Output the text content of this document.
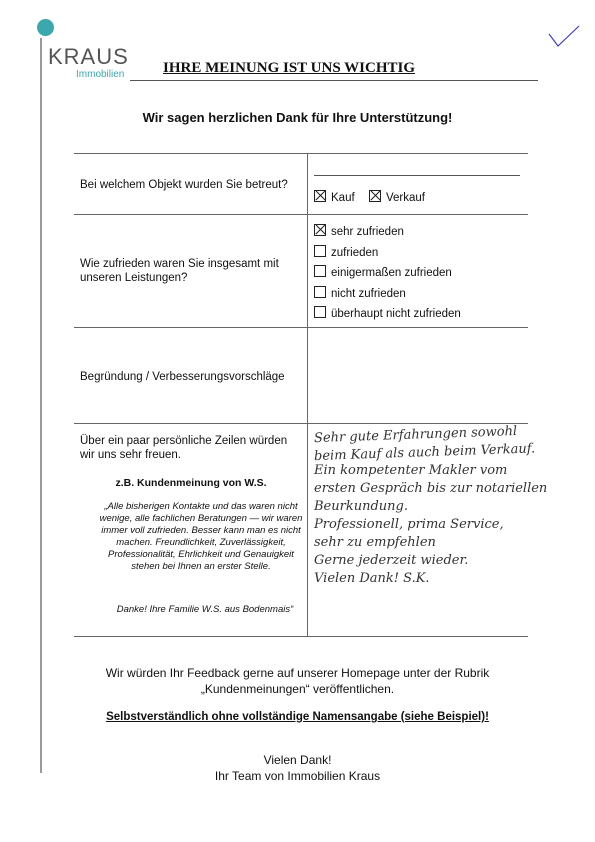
KRAUS
Immobilien	IHRE MEINUNG IST UNS WICHTIG
Wir sagen herzlichen Dank für Ihre Unterstützung!
Bei welchem Objekt wurden Sie betreut?
Kauf	Verkauf
Wie zufrieden waren Sie insgesamt mit unseren Leistungen?
sehr zufrieden
zufrieden
einigermaßen zufrieden
nicht zufrieden
überhaupt nicht zufrieden
Begründung / Verbesserungsvorschläge
Über ein paar persönliche Zeilen würden wir uns sehr freuen.
z.B. Kundenmeinung von W.S.
„Alle bisherigen Kontakte und das waren nicht wenige, alle fachlichen Beratungen — wir waren immer voll zufrieden. Besser kann man es nicht machen. Freundlichkeit, Zuverlässigkeit, Professionalität, Ehrlichkeit und Genauigkeit stehen bei Ihnen an erster Stelle.
Danke! Ihre Familie W.S. aus Bodenmais“
Sehr gute Erfahrungen sowohl
beim Kauf als auch beim Verkauf.
Ein kompetenter Makler vom
ersten Gespräch bis zur notariellen
Beurkundung.
Professionell, prima Service,
sehr zu empfehlen
Gerne jederzeit wieder.
Vielen Dank! S.K.
Wir würden Ihr Feedback gerne auf unserer Homepage unter der Rubrik
„Kundenmeinungen“ veröffentlichen.
Selbstverständlich ohne vollständige Namensangabe (siehe Beispiel)!
Vielen Dank!
Ihr Team von Immobilien Kraus
